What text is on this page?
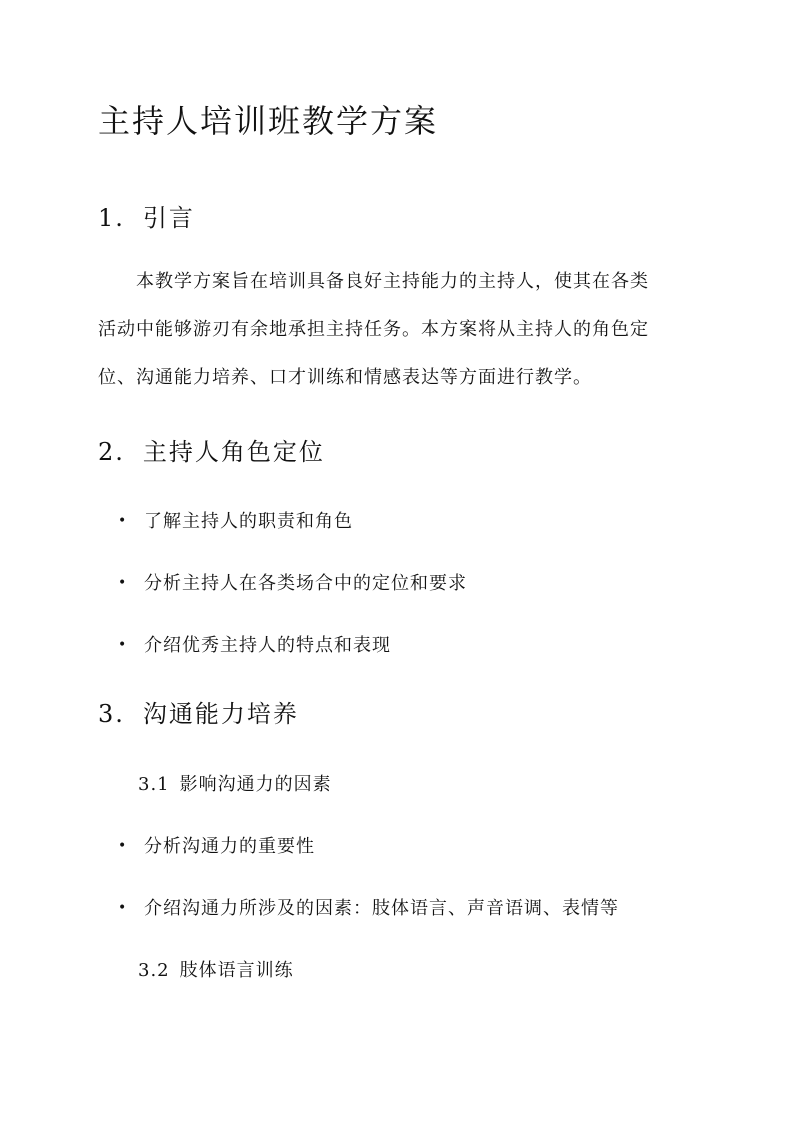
主持人培训班教学方案
1. 引言
本教学方案旨在培训具备良好主持能力的主持人，使其在各类
活动中能够游刃有余地承担主持任务。本方案将从主持人的角色定
位、沟通能力培养、口才训练和情感表达等方面进行教学。
2. 主持人角色定位
• 了解主持人的职责和角色
• 分析主持人在各类场合中的定位和要求
• 介绍优秀主持人的特点和表现
3. 沟通能力培养
3.1 影响沟通力的因素
• 分析沟通力的重要性
• 介绍沟通力所涉及的因素：肢体语言、声音语调、表情等
3.2 肢体语言训练
